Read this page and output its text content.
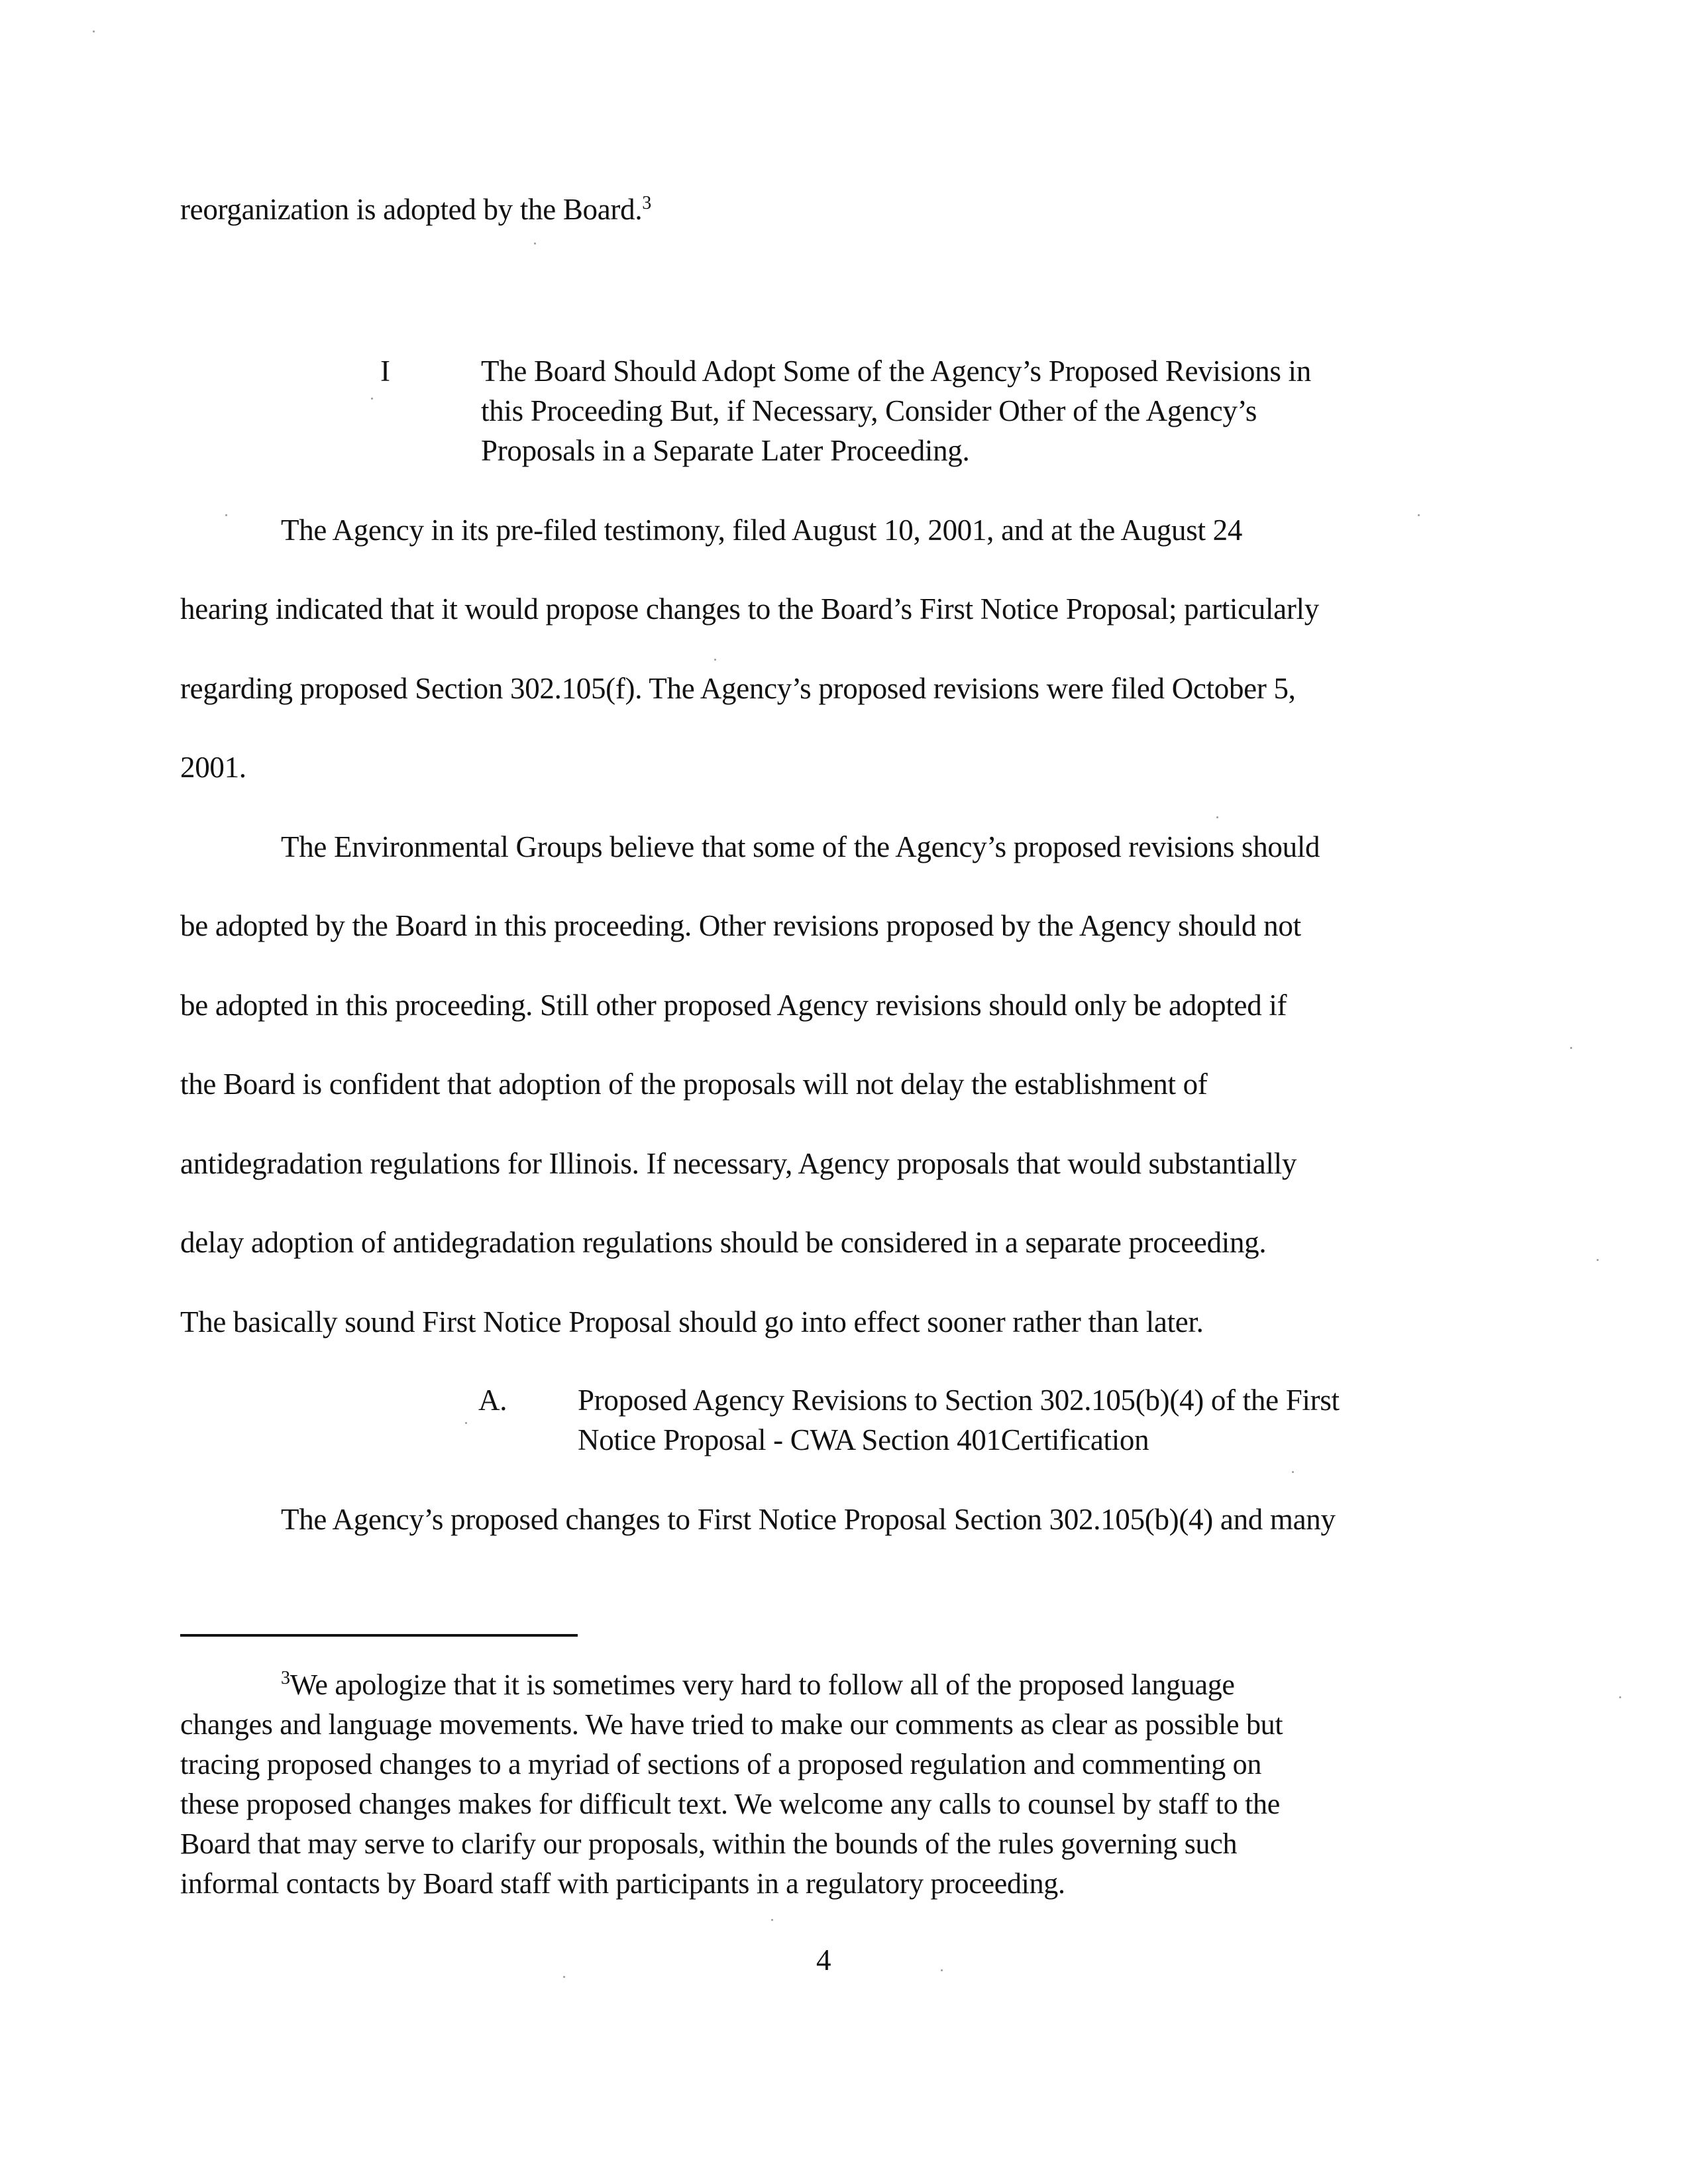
reorganization is adopted by the Board.$^3$
I	The Board Should Adopt Some of the Agency’s Proposed Revisions in
this Proceeding But, if Necessary, Consider Other of the Agency’s
Proposals in a Separate Later Proceeding.
The Agency in its pre-filed testimony, filed August 10, 2001, and at the August 24
hearing indicated that it would propose changes to the Board’s First Notice Proposal; particularly
regarding proposed Section 302.105(f). The Agency’s proposed revisions were filed October 5,
2001.
The Environmental Groups believe that some of the Agency’s proposed revisions should
be adopted by the Board in this proceeding. Other revisions proposed by the Agency should not
be adopted in this proceeding. Still other proposed Agency revisions should only be adopted if
the Board is confident that adoption of the proposals will not delay the establishment of
antidegradation regulations for Illinois. If necessary, Agency proposals that would substantially
delay adoption of antidegradation regulations should be considered in a separate proceeding.
The basically sound First Notice Proposal should go into effect sooner rather than later.
A. Proposed Agency Revisions to Section 302.105(b)(4) of the First
Notice Proposal - CWA Section 401Certification
The Agency’s proposed changes to First Notice Proposal Section 302.105(b)(4) and many
$^3$We apologize that it is sometimes very hard to follow all of the proposed language
changes and language movements. We have tried to make our comments as clear as possible but
tracing proposed changes to a myriad of sections of a proposed regulation and commenting on
these proposed changes makes for difficult text. We welcome any calls to counsel by staff to the
Board that may serve to clarify our proposals, within the bounds of the rules governing such
informal contacts by Board staff with participants in a regulatory proceeding.
4
